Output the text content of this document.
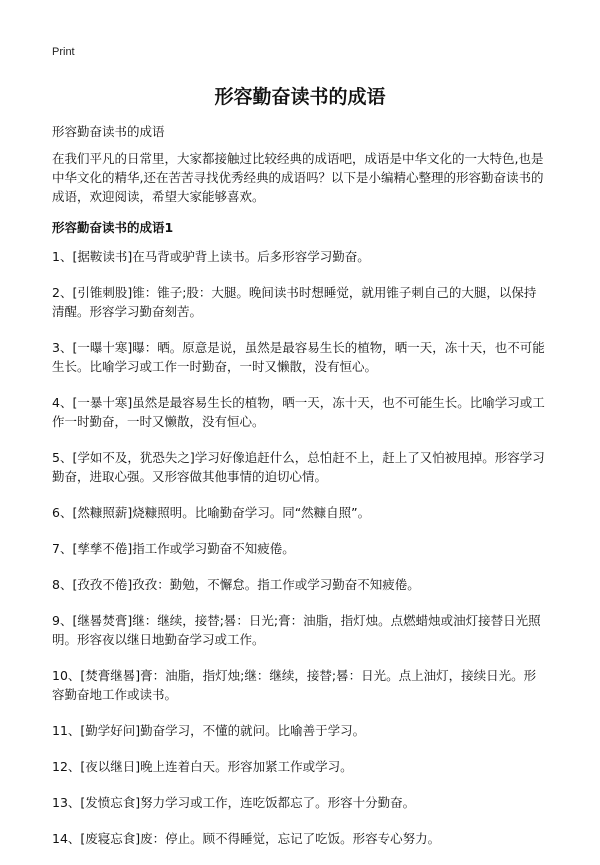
Print
形容勤奋读书的成语

形容勤奋读书的成语

在我们平凡的日常里，大家都接触过比较经典的成语吧，成语是中华文化的一大特色,也是中华文化的精华,还在苦苦寻找优秀经典的成语吗？以下是小编精心整理的形容勤奋读书的成语，欢迎阅读，希望大家能够喜欢。

形容勤奋读书的成语1
1、[据鞍读书]在马背或驴背上读书。后多形容学习勤奋。
2、[引锥刺股]锥：锥子;股：大腿。晚间读书时想睡觉，就用锥子刺自己的大腿，以保持清醒。形容学习勤奋刻苦。
3、[一曝十寒]曝：晒。原意是说，虽然是最容易生长的植物，晒一天，冻十天，也不可能生长。比喻学习或工作一时勤奋，一时又懒散，没有恒心。
4、[一暴十寒]虽然是最容易生长的植物，晒一天，冻十天，也不可能生长。比喻学习或工作一时勤奋，一时又懒散，没有恒心。
5、[学如不及，犹恐失之]学习好像追赶什么，总怕赶不上，赶上了又怕被甩掉。形容学习勤奋，进取心强。又形容做其他事情的迫切心情。
6、[然糠照薪]烧糠照明。比喻勤奋学习。同“然糠自照”。
7、[孳孳不倦]指工作或学习勤奋不知疲倦。
8、[孜孜不倦]孜孜：勤勉，不懈怠。指工作或学习勤奋不知疲倦。
9、[继晷焚膏]继：继续，接替;晷：日光;膏：油脂，指灯烛。点燃蜡烛或油灯接替日光照明。形容夜以继日地勤奋学习或工作。
10、[焚膏继晷]膏：油脂，指灯烛;继：继续，接替;晷：日光。点上油灯，接续日光。形容勤奋地工作或读书。
11、[勤学好问]勤奋学习，不懂的就问。比喻善于学习。
12、[夜以继日]晚上连着白天。形容加紧工作或学习。
13、[发愤忘食]努力学习或工作，连吃饭都忘了。形容十分勤奋。
14、[废寝忘食]废：停止。顾不得睡觉，忘记了吃饭。形容专心努力。
